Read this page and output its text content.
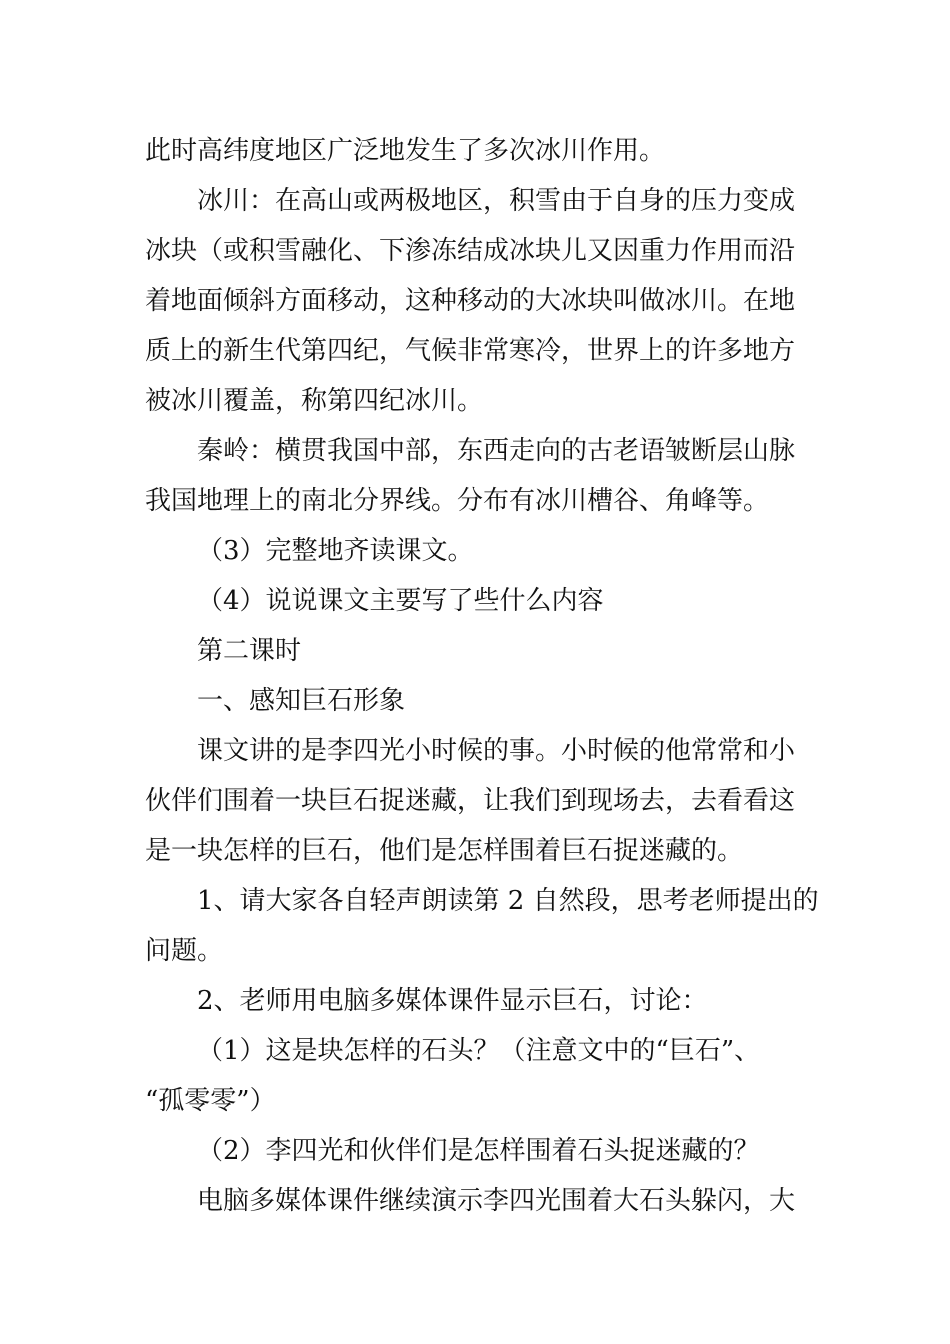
此时高纬度地区广泛地发生了多次冰川作用。
冰川：在高山或两极地区，积雪由于自身的压力变成
冰块（或积雪融化、下渗冻结成冰块儿又因重力作用而沿
着地面倾斜方面移动，这种移动的大冰块叫做冰川。在地
质上的新生代第四纪，气候非常寒冷，世界上的许多地方
被冰川覆盖，称第四纪冰川。
秦岭：横贯我国中部，东西走向的古老语皱断层山脉
我国地理上的南北分界线。分布有冰川槽谷、角峰等。
（3）完整地齐读课文。
（4）说说课文主要写了些什么内容
第二课时
一、感知巨石形象
课文讲的是李四光小时候的事。小时候的他常常和小
伙伴们围着一块巨石捉迷藏，让我们到现场去，去看看这
是一块怎样的巨石，他们是怎样围着巨石捉迷藏的。
1、请大家各自轻声朗读第 2 自然段，思考老师提出的
问题。
2、老师用电脑多媒体课件显示巨石，讨论：
（1）这是块怎样的石头？（注意文中的“巨石”、
“孤零零”）
（2）李四光和伙伴们是怎样围着石头捉迷藏的？
电脑多媒体课件继续演示李四光围着大石头躲闪，大
